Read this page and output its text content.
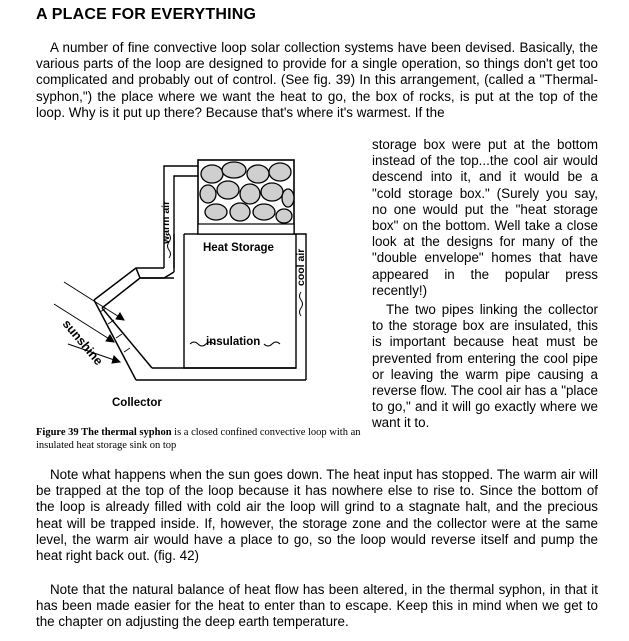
A PLACE FOR EVERYTHING

A number of fine convective loop solar collection systems have been devised. Basically, the various parts of the loop are designed to provide for a single operation, so things don't get too complicated and probably out of control. (See fig. 39) In this arrangement, (called a "Thermal-syphon,") the place where we want the heat to go, the box of rocks, is put at the top of the loop. Why is it put up there? Because that's where it's warmest. If the

storage box were put at the bottom instead of the top...the cool air would descend into it, and it would be a "cold storage box." (Surely you say, no one would put the "heat storage box" on the bottom. Well take a close look at the designs for many of the "double envelope" homes that have appeared in the popular press recently!)

The two pipes linking the collector to the storage box are insulated, this is important because heat must be prevented from entering the cool pipe or leaving the warm pipe causing a reverse flow. The cool air has a "place to go," and it will go exactly where we want it to.

warm air
Heat Storage
cool air
insulation
sunshine
Collector
Figure 39 The thermal syphon is a closed confined convective loop with an insulated heat storage sink on top

Note what happens when the sun goes down. The heat input has stopped. The warm air will be trapped at the top of the loop because it has nowhere else to rise to. Since the bottom of the loop is already filled with cold air the loop will grind to a stagnate halt, and the precious heat will be trapped inside. If, however, the storage zone and the collector were at the same level, the warm air would have a place to go, so the loop would reverse itself and pump the heat right back out. (fig. 42)

Note that the natural balance of heat flow has been altered, in the thermal syphon, in that it has been made easier for the heat to enter than to escape. Keep this in mind when we get to the chapter on adjusting the deep earth temperature.
